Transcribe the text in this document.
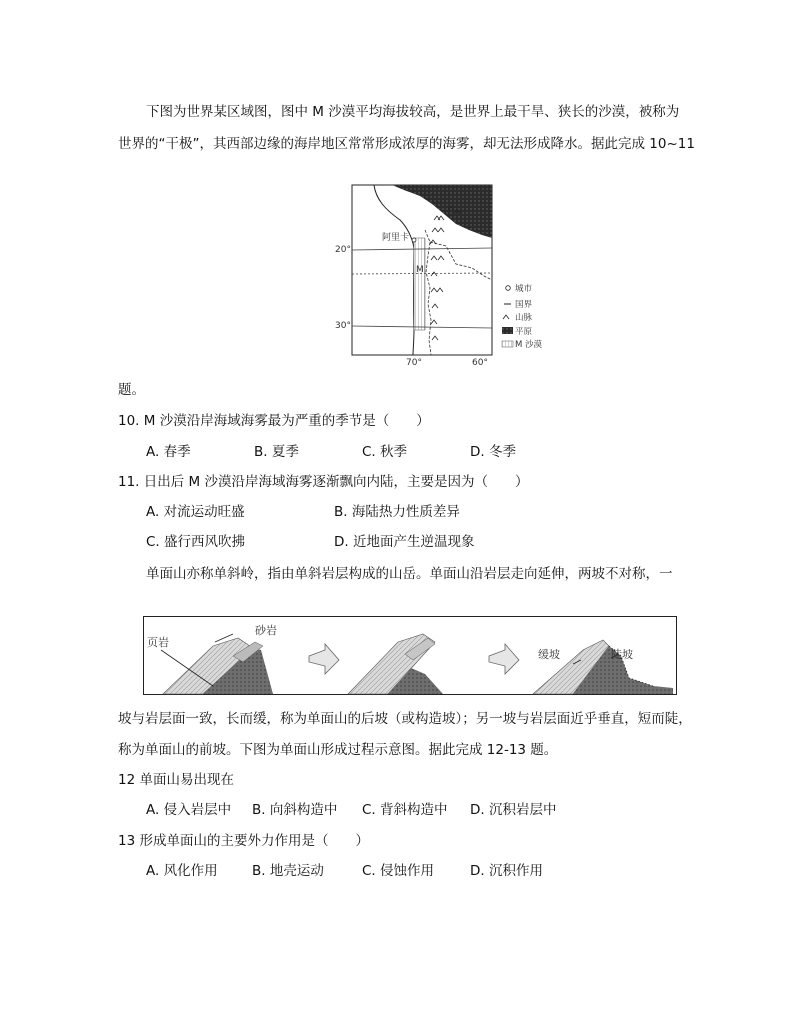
下图为世界某区域图，图中 M 沙漠平均海拔较高，是世界上最干旱、狭长的沙漠，被称为
世界的“干极”，其西部边缘的海岸地区常常形成浓厚的海雾，却无法形成降水。据此完成 10~11
阿里卡
M
20°
30°
70°	60°
城市
国界
山脉
平原
M 沙漠
题。
10. M 沙漠沿岸海域海雾最为严重的季节是（　　）
A. 春季	B. 夏季	C. 秋季	D. 冬季
11. 日出后 M 沙漠沿岸海域海雾逐渐飘向内陆，主要是因为（　　）
A. 对流运动旺盛	B. 海陆热力性质差异
C. 盛行西风吹拂	D. 近地面产生逆温现象
单面山亦称单斜岭，指由单斜岩层构成的山岳。单面山沿岩层走向延伸，两坡不对称，一
页岩
砂岩
缓坡	陡坡
坡与岩层面一致，长而缓，称为单面山的后坡（或构造坡）；另一坡与岩层面近乎垂直，短而陡，
称为单面山的前坡。下图为单面山形成过程示意图。据此完成 12-13 题。
12 单面山易出现在
A. 侵入岩层中 B. 向斜构造中 C. 背斜构造中 D. 沉积岩层中
13 形成单面山的主要外力作用是（　　）
A. 风化作用	B. 地壳运动	C. 侵蚀作用	D. 沉积作用
